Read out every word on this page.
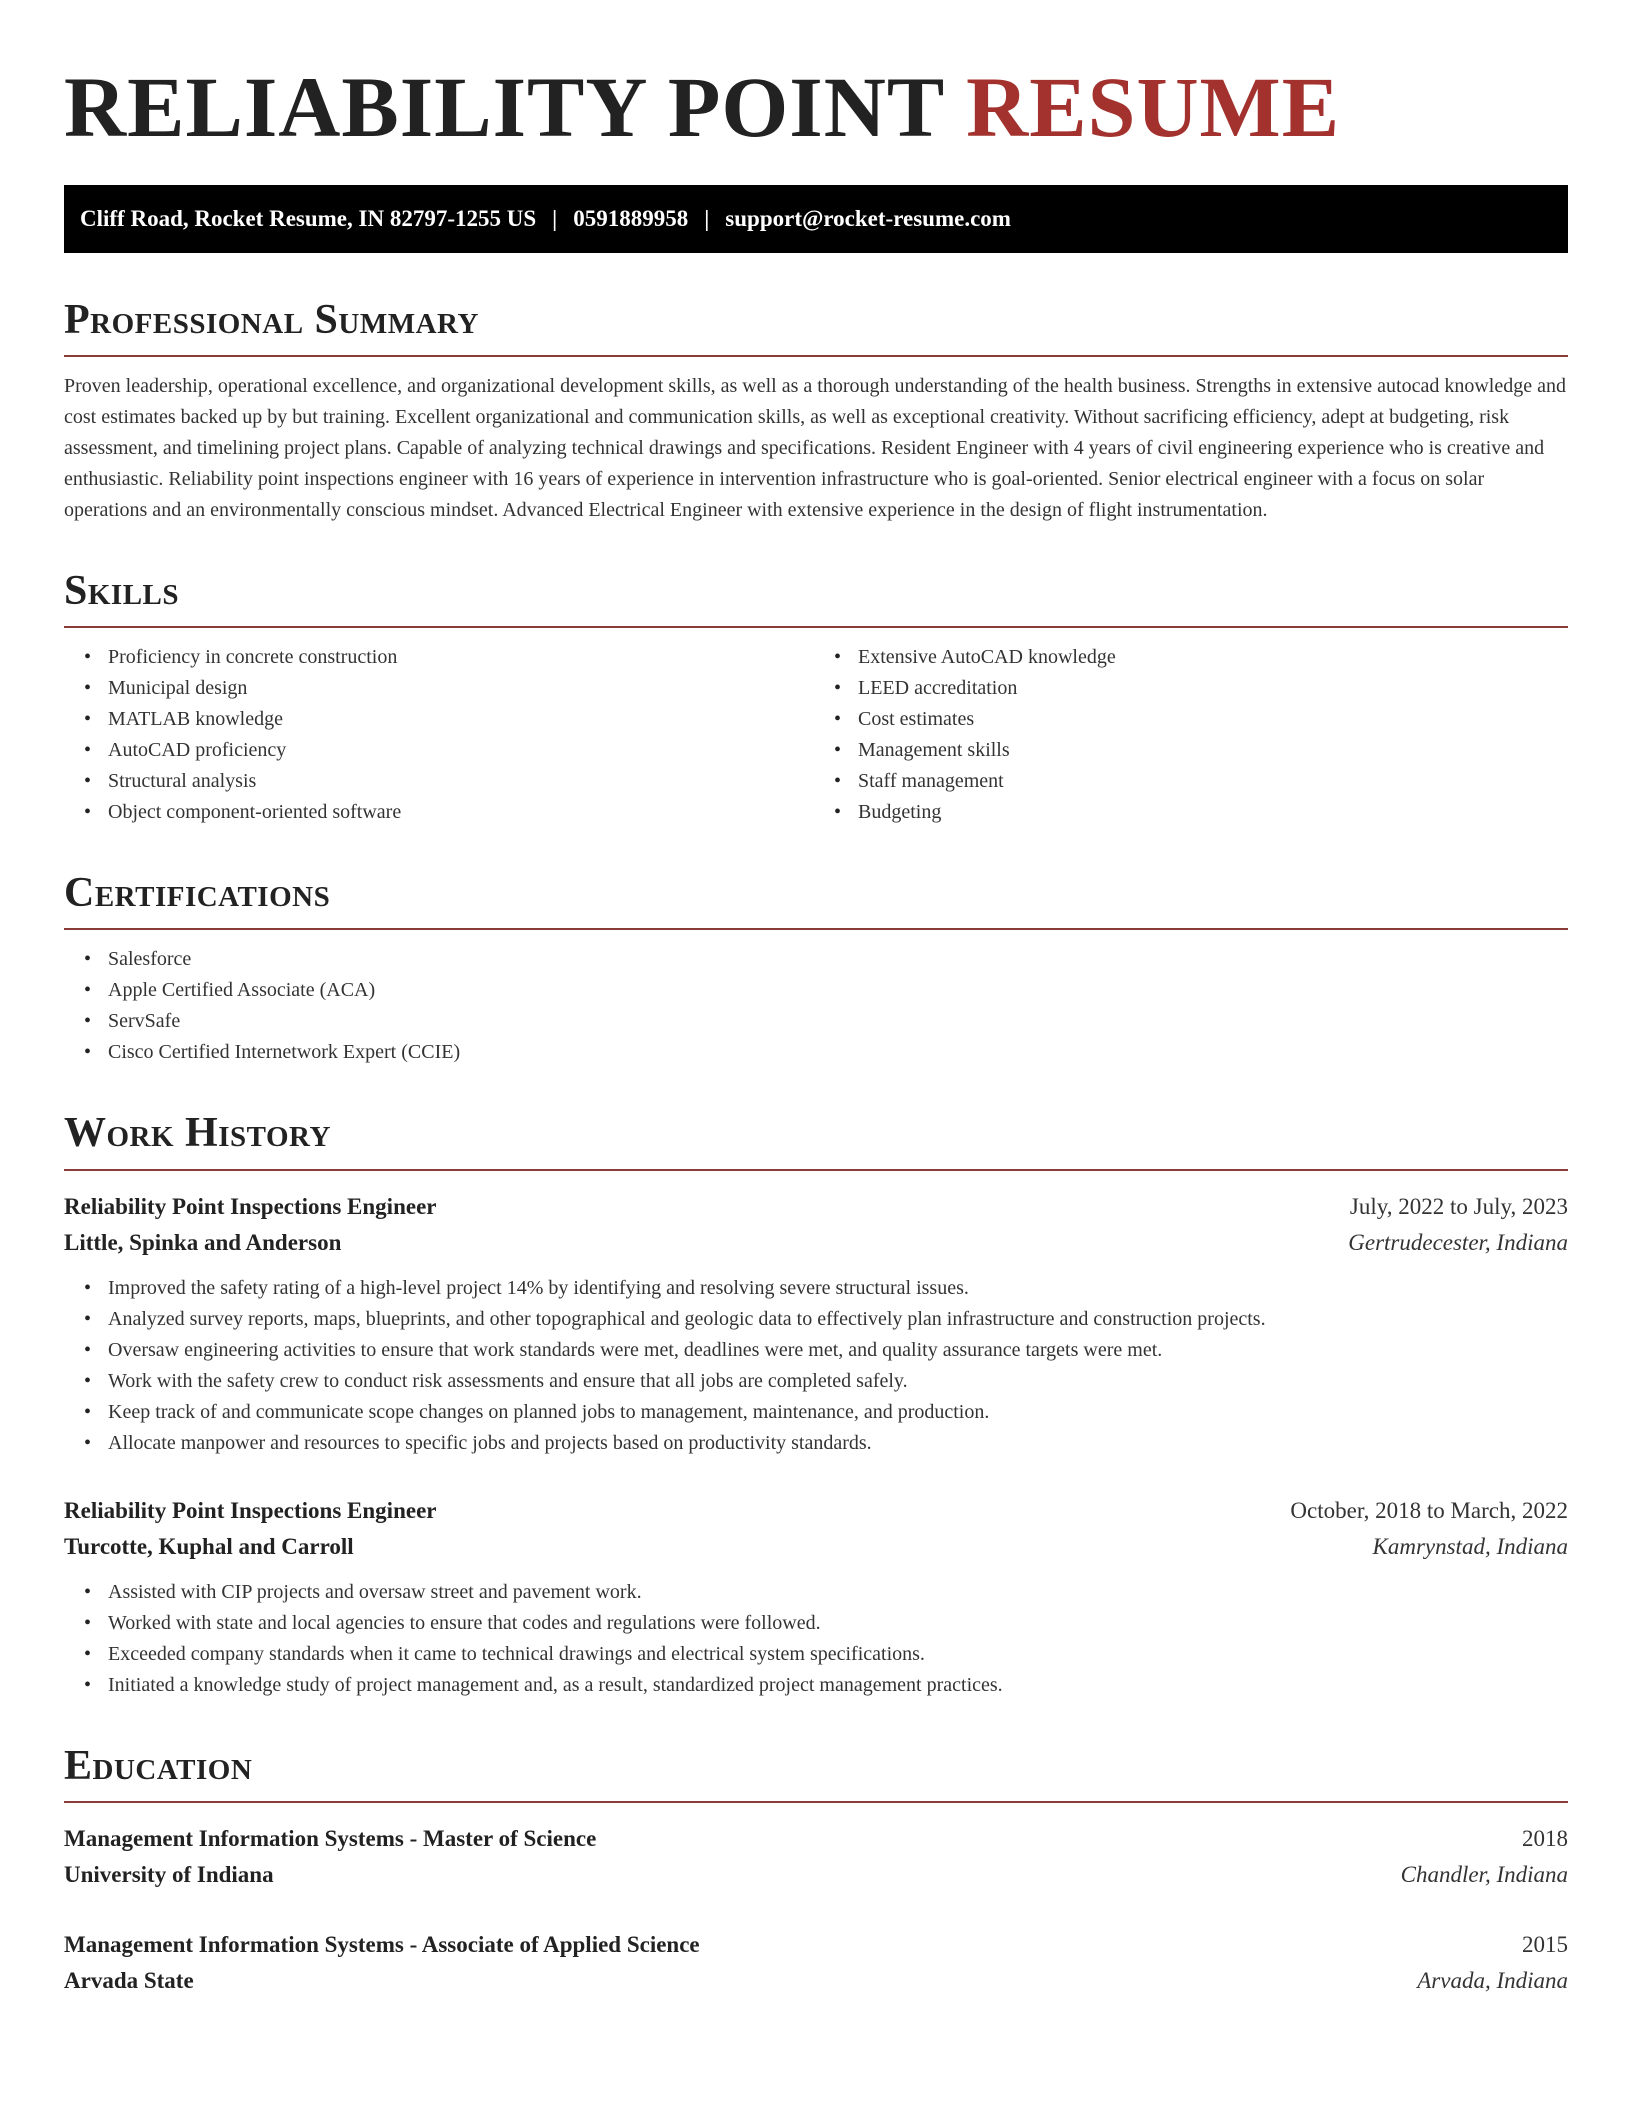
RELIABILITY POINT RESUME
Cliff Road, Rocket Resume, IN 82797-1255 US | 0591889958 | support@rocket-resume.com
Professional Summary

Proven leadership, operational excellence, and organizational development skills, as well as a thorough understanding of the health business. Strengths in extensive autocad knowledge and cost estimates backed up by but training. Excellent organizational and communication skills, as well as exceptional creativity. Without sacrificing efficiency, adept at budgeting, risk assessment, and timelining project plans. Capable of analyzing technical drawings and specifications. Resident Engineer with 4 years of civil engineering experience who is creative and enthusiastic. Reliability point inspections engineer with 16 years of experience in intervention infrastructure who is goal-oriented. Senior electrical engineer with a focus on solar operations and an environmentally conscious mindset. Advanced Electrical Engineer with extensive experience in the design of flight instrumentation.

Skills
• Proficiency in concrete construction
• Municipal design
• MATLAB knowledge
• AutoCAD proficiency
• Structural analysis
• Object component-oriented software
• Extensive AutoCAD knowledge
• LEED accreditation
• Cost estimates
• Management skills
• Staff management
• Budgeting
Certifications
• Salesforce
• Apple Certified Associate (ACA)
• ServSafe
• Cisco Certified Internetwork Expert (CCIE)
Work History
Reliability Point Inspections Engineer	July, 2022 to July, 2023
Little, Spinka and Anderson	Gertrudecester, Indiana
• Improved the safety rating of a high-level project 14% by identifying and resolving severe structural issues.
• Analyzed survey reports, maps, blueprints, and other topographical and geologic data to effectively plan infrastructure and construction projects.
• Oversaw engineering activities to ensure that work standards were met, deadlines were met, and quality assurance targets were met.
• Work with the safety crew to conduct risk assessments and ensure that all jobs are completed safely.
• Keep track of and communicate scope changes on planned jobs to management, maintenance, and production.
• Allocate manpower and resources to specific jobs and projects based on productivity standards.
Reliability Point Inspections Engineer	October, 2018 to March, 2022
Turcotte, Kuphal and Carroll	Kamrynstad, Indiana
• Assisted with CIP projects and oversaw street and pavement work.
• Worked with state and local agencies to ensure that codes and regulations were followed.
• Exceeded company standards when it came to technical drawings and electrical system specifications.
• Initiated a knowledge study of project management and, as a result, standardized project management practices.
Education
Management Information Systems - Master of Science	2018
University of Indiana	Chandler, Indiana
Management Information Systems - Associate of Applied Science	2015
Arvada State	Arvada, Indiana
